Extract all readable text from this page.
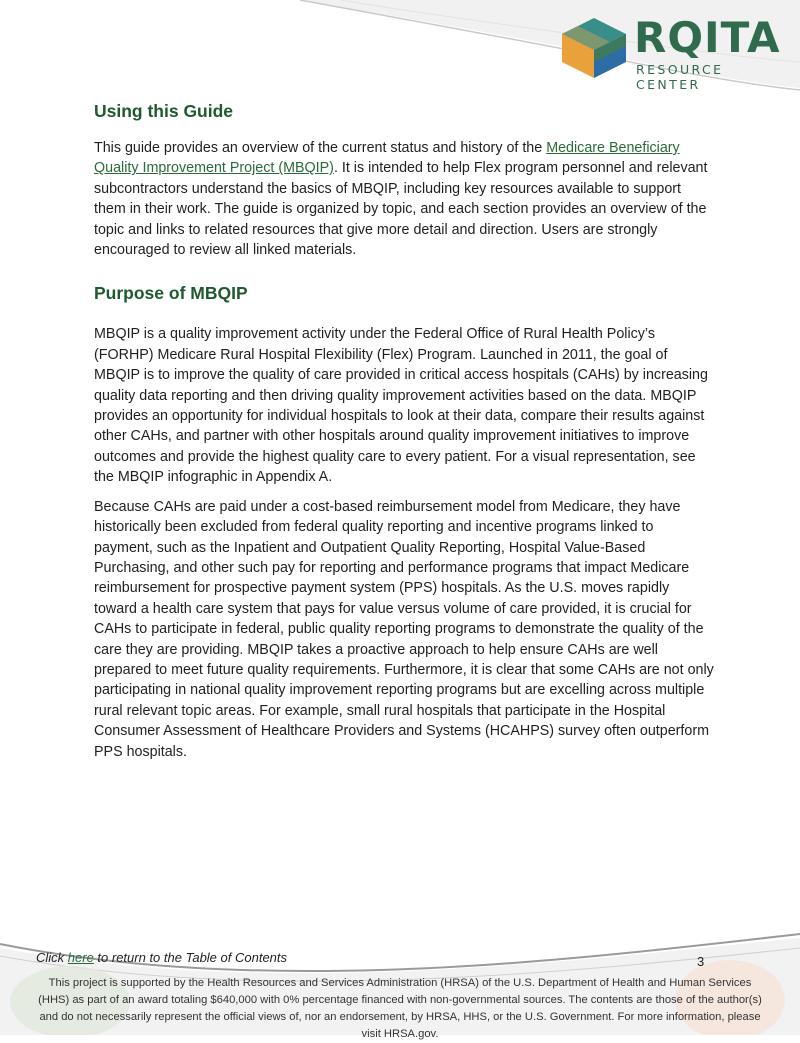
RQITA
RESOURCE CENTER
Using this Guide

This guide provides an overview of the current status and history of the Medicare Beneficiary Quality Improvement Project (MBQIP). It is intended to help Flex program personnel and relevant subcontractors understand the basics of MBQIP, including key resources available to support them in their work. The guide is organized by topic, and each section provides an overview of the topic and links to related resources that give more detail and direction. Users are strongly encouraged to review all linked materials.

Purpose of MBQIP

MBQIP is a quality improvement activity under the Federal Office of Rural Health Policy’s (FORHP) Medicare Rural Hospital Flexibility (Flex) Program. Launched in 2011, the goal of MBQIP is to improve the quality of care provided in critical access hospitals (CAHs) by increasing quality data reporting and then driving quality improvement activities based on the data. MBQIP provides an opportunity for individual hospitals to look at their data, compare their results against other CAHs, and partner with other hospitals around quality improvement initiatives to improve outcomes and provide the highest quality care to every patient. For a visual representation, see the MBQIP infographic in Appendix A.

Because CAHs are paid under a cost-based reimbursement model from Medicare, they have historically been excluded from federal quality reporting and incentive programs linked to payment, such as the Inpatient and Outpatient Quality Reporting, Hospital Value-Based Purchasing, and other such pay for reporting and performance programs that impact Medicare reimbursement for prospective payment system (PPS) hospitals. As the U.S. moves rapidly toward a health care system that pays for value versus volume of care provided, it is crucial for CAHs to participate in federal, public quality reporting programs to demonstrate the quality of the care they are providing. MBQIP takes a proactive approach to help ensure CAHs are well prepared to meet future quality requirements. Furthermore, it is clear that some CAHs are not only participating in national quality improvement reporting programs but are excelling across multiple rural relevant topic areas. For example, small rural hospitals that participate in the Hospital Consumer Assessment of Healthcare Providers and Systems (HCAHPS) survey often outperform PPS hospitals.

Click here to return to the Table of Contents	3
This project is supported by the Health Resources and Services Administration (HRSA) of the U.S. Department of Health and Human Services (HHS) as part of an award totaling $640,000 with 0% percentage financed with non-governmental sources. The contents are those of the author(s) and do not necessarily represent the official views of, nor an endorsement, by HRSA, HHS, or the U.S. Government. For more information, please visit HRSA.gov.
